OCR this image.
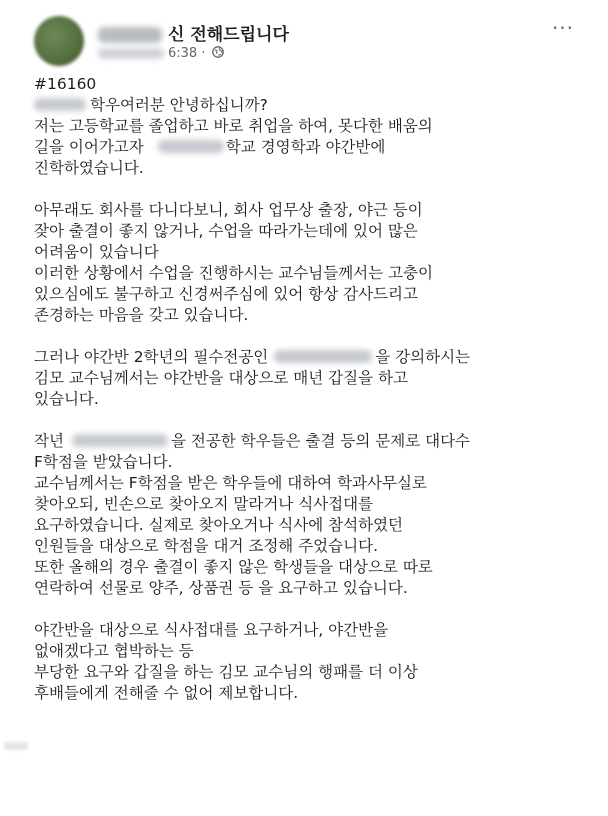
신 전해드립니다
6:38 ·
···
#16160
학우여러분 안녕하십니까?
저는 고등학교를 졸업하고 바로 취업을 하여, 못다한 배움의
길을 이어가고자	학교 경영학과 야간반에
진학하였습니다.
아무래도 회사를 다니다보니, 회사 업무상 출장, 야근 등이
잦아 출결이 좋지 않거나, 수업을 따라가는데에 있어 많은
어려움이 있습니다
이러한 상황에서 수업을 진행하시는 교수님들께서는 고충이
있으심에도 불구하고 신경써주심에 있어 항상 감사드리고
존경하는 마음을 갖고 있습니다.
그러나 야간반 2학년의 필수전공인	을 강의하시는
김모 교수님께서는 야간반을 대상으로 매년 갑질을 하고
있습니다.
작년	을 전공한 학우들은 출결 등의 문제로 대다수
F학점을 받았습니다.
교수님께서는 F학점을 받은 학우들에 대하여 학과사무실로
찾아오되, 빈손으로 찾아오지 말라거나 식사접대를
요구하였습니다. 실제로 찾아오거나 식사에 참석하였던
인원들을 대상으로 학점을 대거 조정해 주었습니다.
또한 올해의 경우 출결이 좋지 않은 학생들을 대상으로 따로
연락하여 선물로 양주, 상품권 등 을 요구하고 있습니다.
야간반을 대상으로 식사접대를 요구하거나, 야간반을
없애겠다고 협박하는 등
부당한 요구와 갑질을 하는 김모 교수님의 행패를 더 이상
후배들에게 전해줄 수 없어 제보합니다.
